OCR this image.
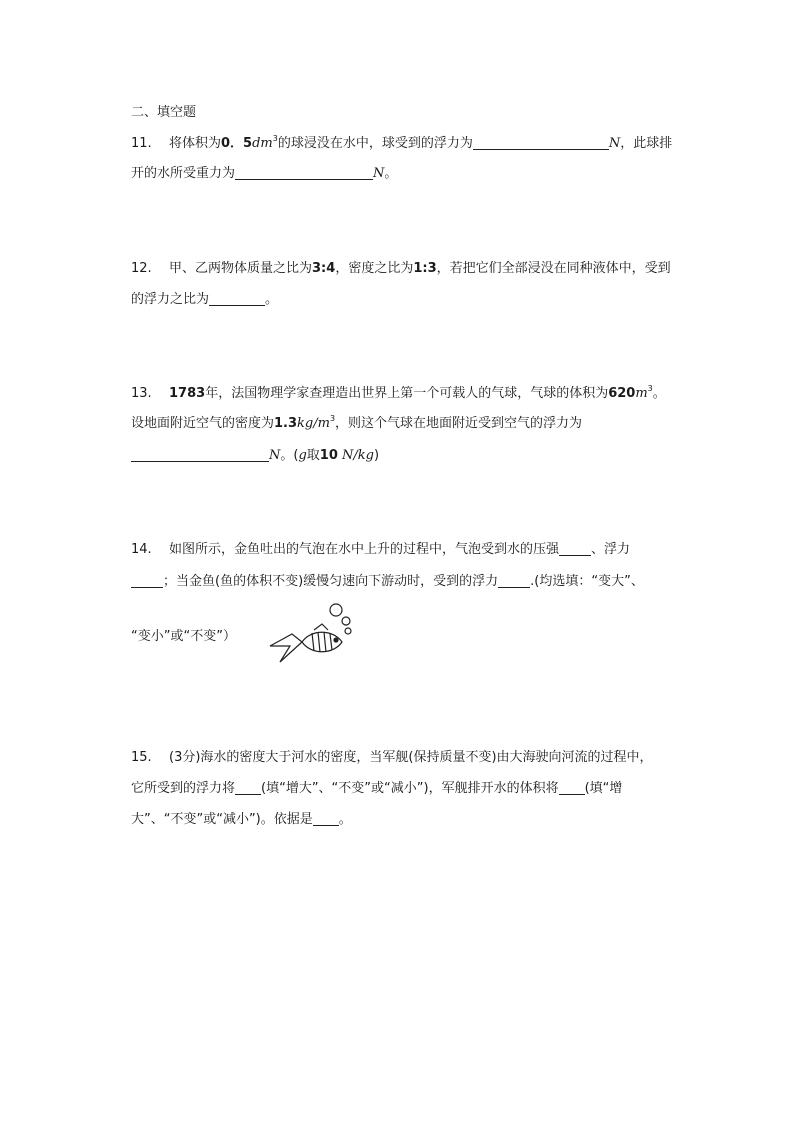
二、填空题
11. 将体积为0．$5dm^3$的球浸没在水中，球受到的浮力为	N，此球排
开的水所受重力为	N。
12. 甲、乙两物体质量之比为3:4，密度之比为1:3，若把它们全部浸没在同种液体中，受到
的浮力之比为	。
13. 1783年，法国物理学家查理造出世界上第一个可载人的气球，气球的体积为$620m^3$。
设地面附近空气的密度为$1.3kg/m^3$，则这个气球在地面附近受到空气的浮力为
N。(g取10 N/kg)
14. 如图所示，金鱼吐出的气泡在水中上升的过程中，气泡受到水的压强 、浮力
；当金鱼(鱼的体积不变)缓慢匀速向下游动时，受到的浮力 .(均选填：“变大”、
“变小”或“不变”）
15. (3分)海水的密度大于河水的密度，当军舰(保持质量不变)由大海驶向河流的过程中，
它所受到的浮力将 (填“增大”、“不变”或“减小”)，军舰排开水的体积将 (填“增
大”、“不变”或“减小”)。依据是 。
